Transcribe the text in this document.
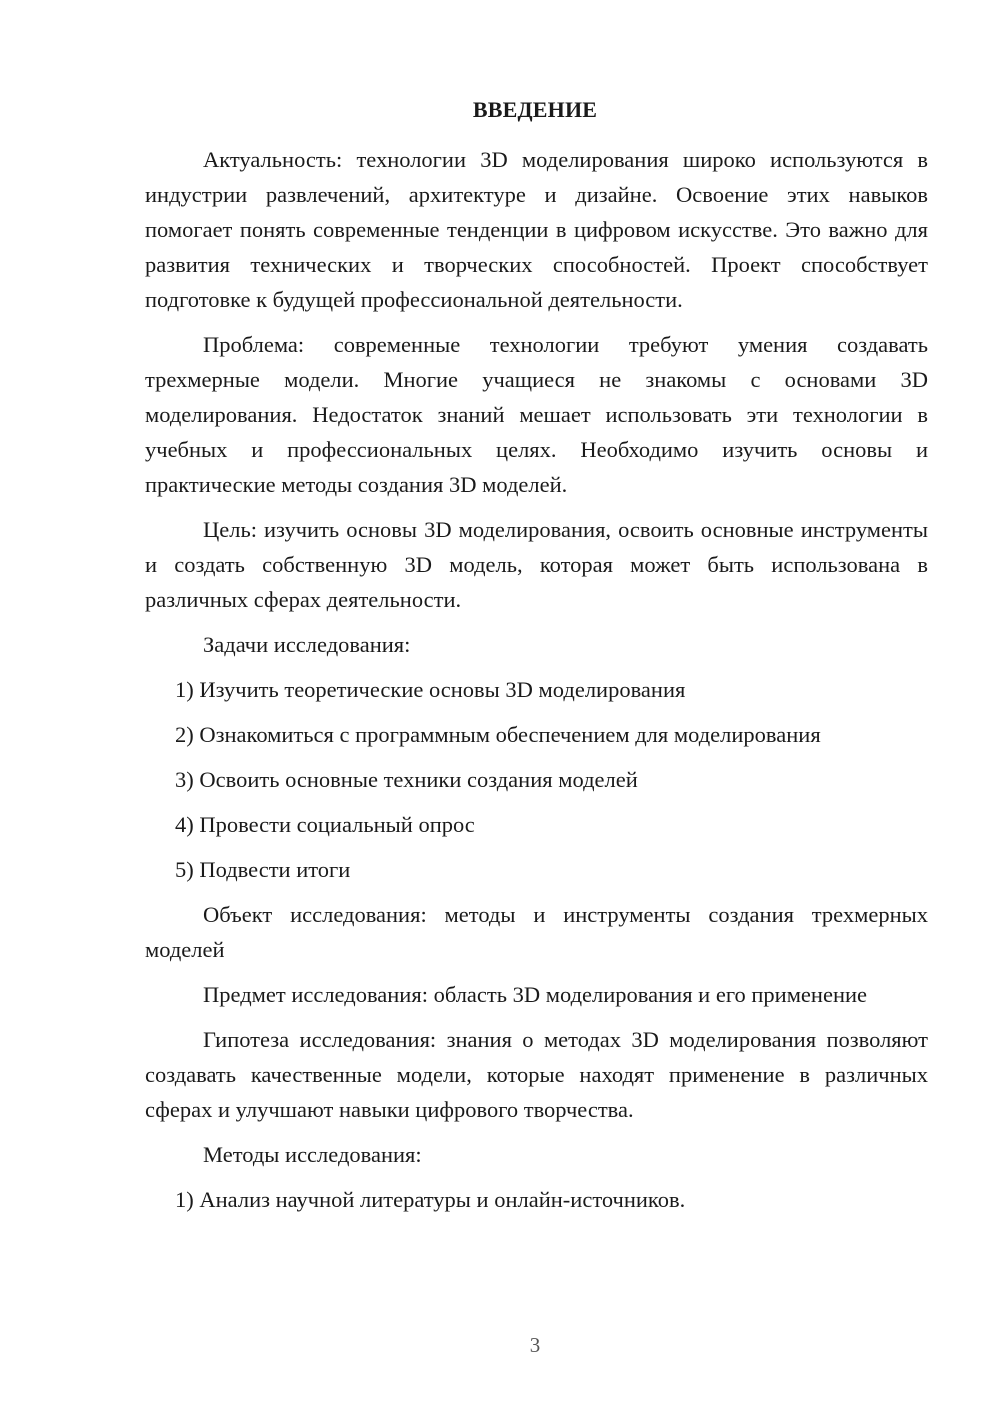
ВВЕДЕНИЕ

Актуальность: технологии 3D моделирования широко используются в индустрии развлечений, архитектуре и дизайне. Освоение этих навыков помогает понять современные тенденции в цифровом искусстве. Это важно для развития технических и творческих способностей. Проект способствует подготовке к будущей профессиональной деятельности.

Проблема: современные технологии требуют умения создавать трехмерные модели. Многие учащиеся не знакомы с основами 3D моделирования. Недостаток знаний мешает использовать эти технологии в учебных и профессиональных целях. Необходимо изучить основы и практические методы создания 3D моделей.

Цель: изучить основы 3D моделирования, освоить основные инструменты и создать собственную 3D модель, которая может быть использована в различных сферах деятельности.

Задачи исследования:

1) Изучить теоретические основы 3D моделирования
2) Ознакомиться с программным обеспечением для моделирования
3) Освоить основные техники создания моделей
4) Провести социальный опрос
5) Подвести итоги

Объект исследования: методы и инструменты создания трехмерных моделей

Предмет исследования: область 3D моделирования и его применение

Гипотеза исследования: знания о методах 3D моделирования позволяют создавать качественные модели, которые находят применение в различных сферах и улучшают навыки цифрового творчества.

Методы исследования:

1) Анализ научной литературы и онлайн-источников.
3
